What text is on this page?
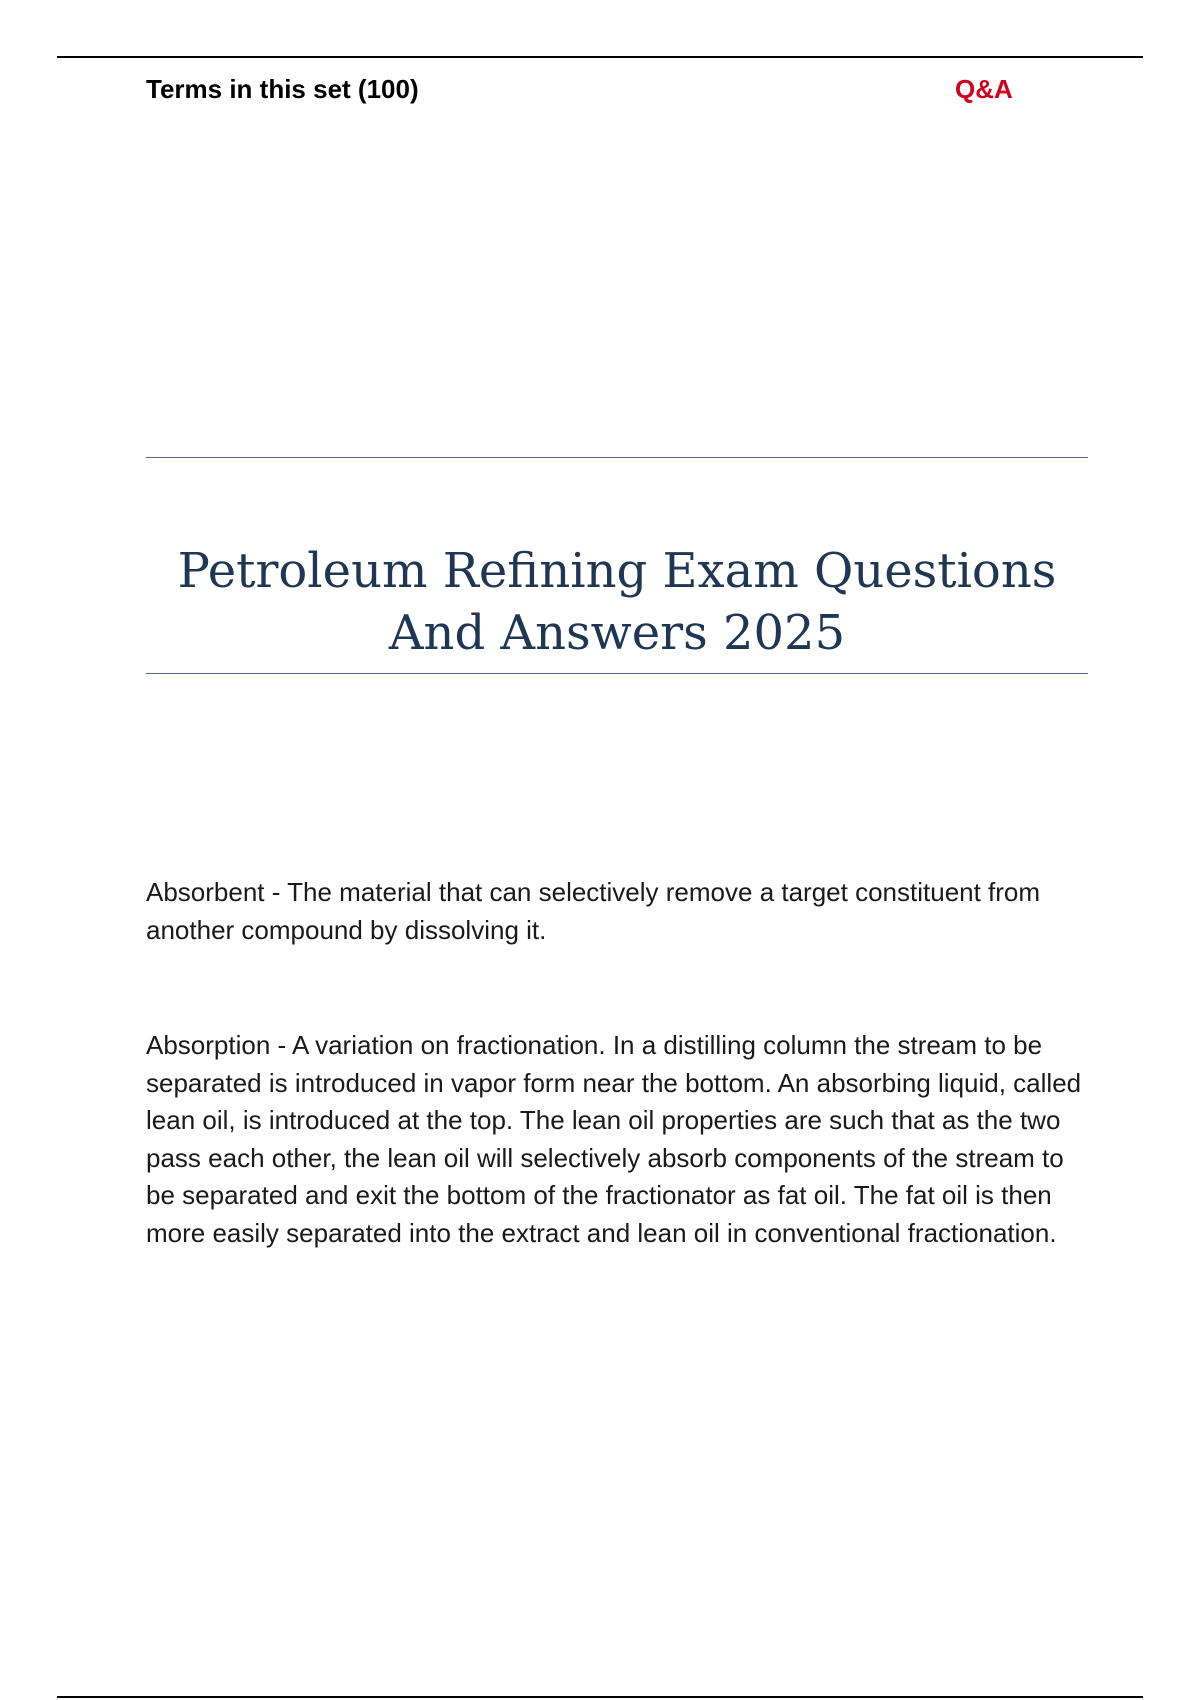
Terms in this set (100)	Q&A
Petroleum Refining Exam Questions And Answers 2025

Absorbent - The material that can selectively remove a target constituent from another compound by dissolving it.

Absorption - A variation on fractionation. In a distilling column the stream to be separated is introduced in vapor form near the bottom. An absorbing liquid, called lean oil, is introduced at the top. The lean oil properties are such that as the two pass each other, the lean oil will selectively absorb components of the stream to be separated and exit the bottom of the fractionator as fat oil. The fat oil is then more easily separated into the extract and lean oil in conventional fractionation.
